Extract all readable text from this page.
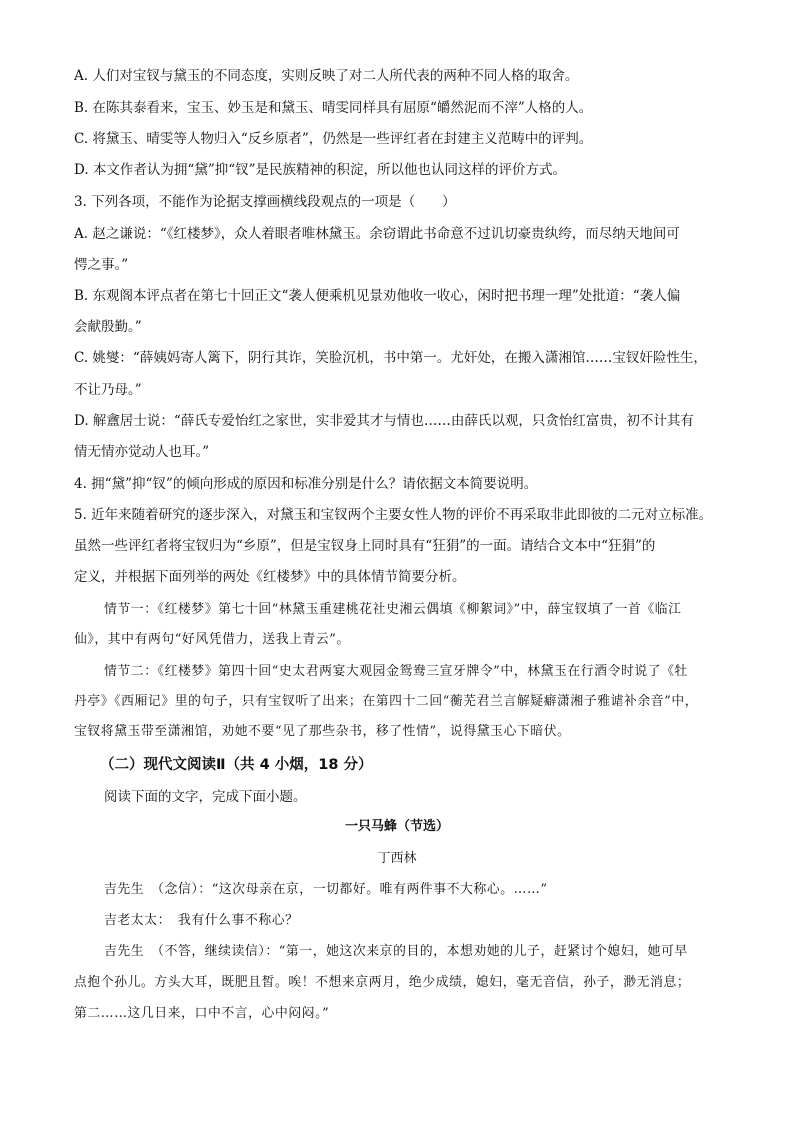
A. 人们对宝钗与黛玉的不同态度，实则反映了对二人所代表的两种不同人格的取舍。
B. 在陈其泰看来，宝玉、妙玉是和黛玉、晴雯同样具有屈原“皭然泥而不滓”人格的人。
C. 将黛玉、晴雯等人物归入“反乡原者”，仍然是一些评红者在封建主义范畴中的评判。
D. 本文作者认为拥“黛”抑“钗”是民族精神的积淀，所以他也认同这样的评价方式。
3. 下列各项，不能作为论据支撑画横线段观点的一项是（　　）
A. 赵之谦说：“《红楼梦》，众人着眼者唯林黛玉。余窃谓此书命意不过讥切豪贵纨绔，而尽纳天地间可
愕之事。”
B. 东观阁本评点者在第七十回正文“袭人便乘机见景劝他收一收心，闲时把书理一理”处批道：“袭人偏
会献殷勤。”
C. 姚燮：“薛姨妈寄人篱下，阴行其诈，笑脸沉机，书中第一。尤奸处，在搬入潇湘馆……宝钗奸险性生，
不让乃母。”
D. 解盦居士说：“薛氏专爱怡红之家世，实非爱其才与情也……由薛氏以观，只贪怡红富贵，初不计其有
情无情亦觉动人也耳。”
4. 拥“黛”抑“钗”的倾向形成的原因和标准分别是什么？请依据文本简要说明。
5. 近年来随着研究的逐步深入，对黛玉和宝钗两个主要女性人物的评价不再采取非此即彼的二元对立标准。
虽然一些评红者将宝钗归为“乡原”，但是宝钗身上同时具有“狂狷”的一面。请结合文本中“狂狷”的
定义，并根据下面列举的两处《红楼梦》中的具体情节简要分析。
情节一：《红楼梦》第七十回“林黛玉重建桃花社史湘云偶填《柳絮词》”中，薛宝钗填了一首《临江
仙》，其中有两句“好风凭借力，送我上青云”。
情节二：《红楼梦》第四十回“史太君两宴大观园金鸳鸯三宣牙牌令”中，林黛玉在行酒令时说了《牡
丹亭》《西厢记》里的句子，只有宝钗听了出来；在第四十二回“蘅芜君兰言解疑癖潇湘子雅谑补余音”中，
宝钗将黛玉带至潇湘馆，劝她不要“见了那些杂书，移了性情”，说得黛玉心下暗伏。
（二）现代文阅读Ⅱ（共 4 小烟，18 分）
阅读下面的文字，完成下面小题。
一只马蜂（节选）
丁西林
吉先生　（念信）：“这次母亲在京，一切都好。唯有两件事不大称心。……”
吉老太太：　我有什么事不称心？
吉先生　（不答，继续读信）：“第一，她这次来京的目的，本想劝她的儿子，赶紧讨个媳妇，她可早
点抱个孙儿。方头大耳，既肥且皙。唉！不想来京两月，绝少成绩，媳妇，毫无音信，孙子，渺无消息；
第二……这几日来，口中不言，心中闷闷。”
